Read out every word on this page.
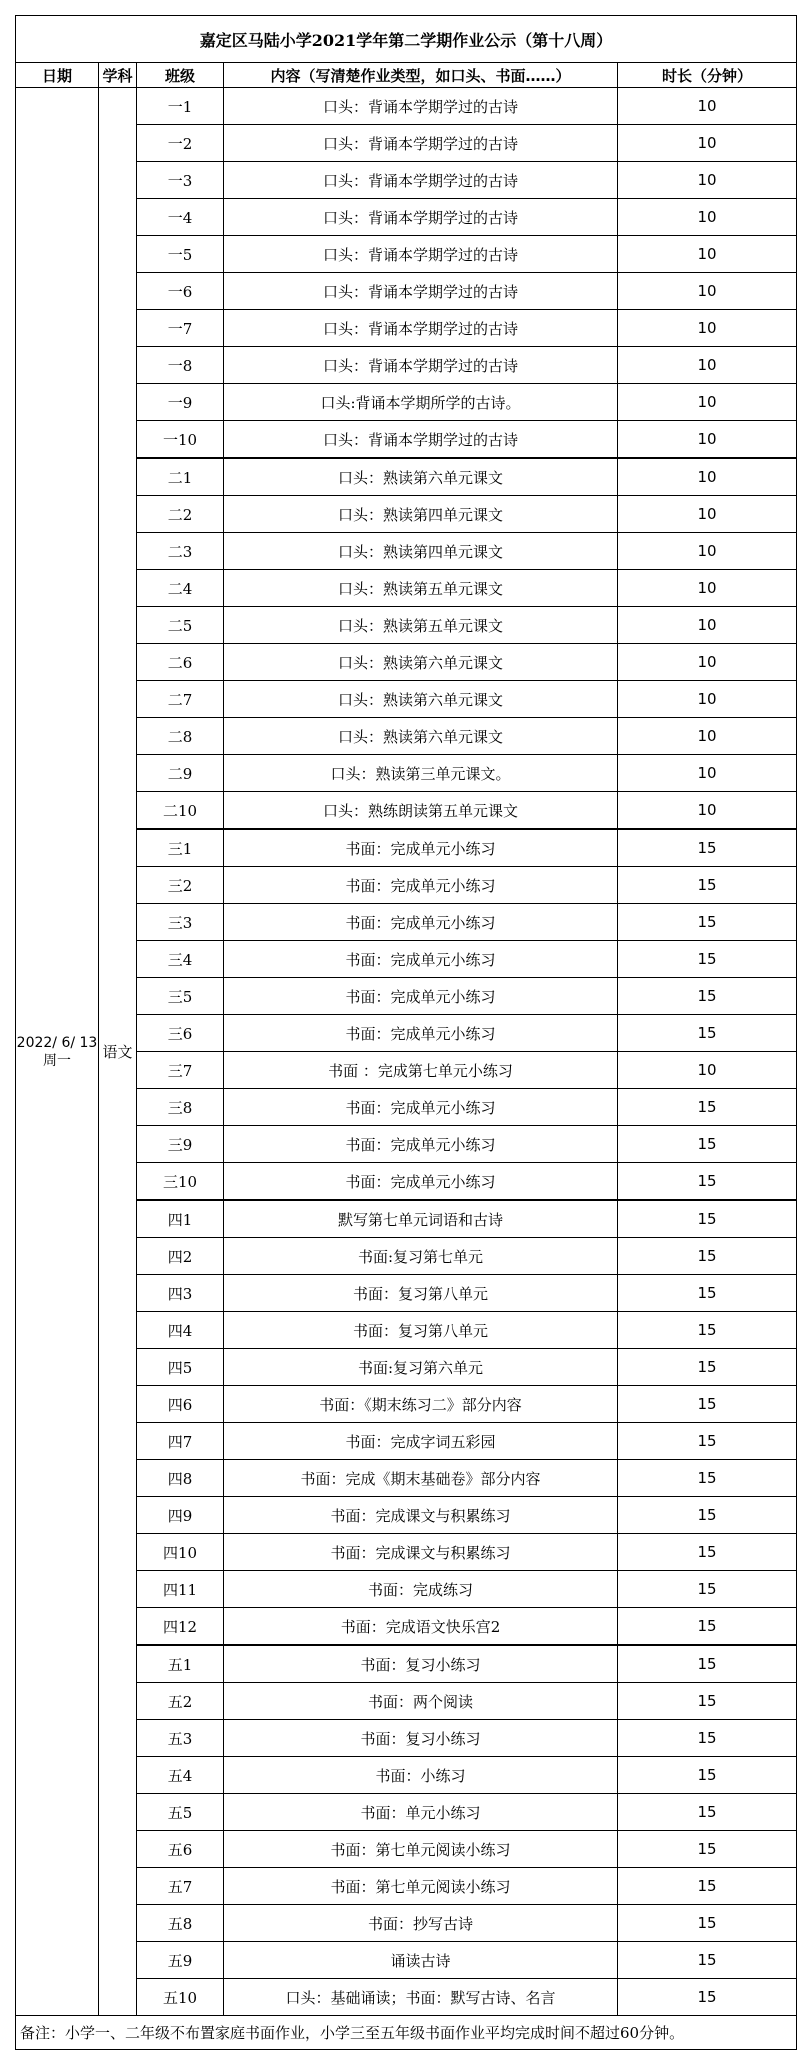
嘉定区马陆小学2021学年第二学期作业公示（第十八周）				
日期	学科	班级	内容（写清楚作业类型，如口头、书面……）	时长（分钟）

2022/ 6/ 13
周一	语文	一1	口头：背诵本学期学过的古诗	10
		一2	口头：背诵本学期学过的古诗	10
		一3	口头：背诵本学期学过的古诗	10
		一4	口头：背诵本学期学过的古诗	10
		一5	口头：背诵本学期学过的古诗	10
		一6	口头：背诵本学期学过的古诗	10
		一7	口头：背诵本学期学过的古诗	10
		一8	口头：背诵本学期学过的古诗	10
		一9	口头:背诵本学期所学的古诗。	10
		一10	口头：背诵本学期学过的古诗	10
		二1	口头：熟读第六单元课文	10
		二2	口头：熟读第四单元课文	10
		二3	口头：熟读第四单元课文	10
		二4	口头：熟读第五单元课文	10
		二5	口头：熟读第五单元课文	10
		二6	口头：熟读第六单元课文	10
		二7	口头：熟读第六单元课文	10
		二8	口头：熟读第六单元课文	10
		二9	口头：熟读第三单元课文。	10
		二10	口头：熟练朗读第五单元课文	10
		三1	书面：完成单元小练习	15
		三2	书面：完成单元小练习	15
		三3	书面：完成单元小练习	15
		三4	书面：完成单元小练习	15
		三5	书面：完成单元小练习	15
		三6	书面：完成单元小练习	15
		三7	书面 ：完成第七单元小练习	10
		三8	书面：完成单元小练习	15
		三9	书面：完成单元小练习	15
		三10	书面：完成单元小练习	15
		四1	默写第七单元词语和古诗	15
		四2	书面:复习第七单元	15
		四3	书面：复习第八单元	15
		四4	书面：复习第八单元	15
		四5	书面:复习第六单元	15
		四6	书面：《期末练习二》部分内容	15
		四7	书面：完成字词五彩园	15
		四8	书面：完成《期末基础卷》部分内容	15
		四9	书面：完成课文与积累练习	15
		四10	书面：完成课文与积累练习	15
		四11	书面：完成练习	15
		四12	书面：完成语文快乐宫2	15
		五1	书面：复习小练习	15
		五2	书面：两个阅读	15
		五3	书面：复习小练习	15
		五4	书面：小练习	15
		五5	书面：单元小练习	15
		五6	书面：第七单元阅读小练习	15
		五7	书面：第七单元阅读小练习	15
		五8	书面：抄写古诗	15
		五9	诵读古诗	15
		五10	口头：基础诵读；书面：默写古诗、名言	15
备注：小学一、二年级不布置家庭书面作业，小学三至五年级书面作业平均完成时间不超过60分钟。				
